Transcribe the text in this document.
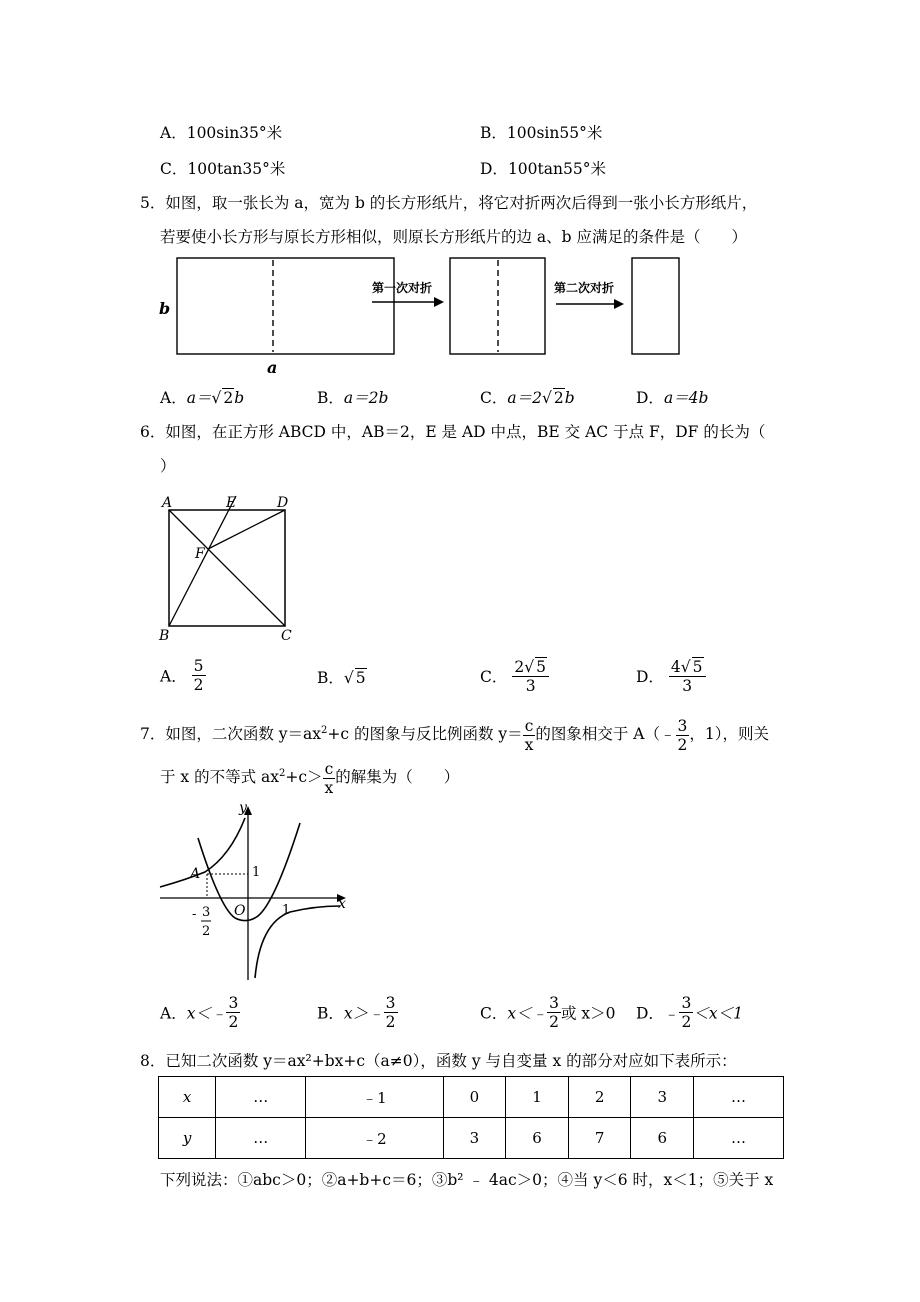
A．100sin35°米	B．100sin55°米
C．100tan35°米	D．100tan55°米
5．如图，取一张长为 a，宽为 b 的长方形纸片，将它对折两次后得到一张小长方形纸片，
若要使小长方形与原长方形相似，则原长方形纸片的边 a、b 应满足的条件是（　　）
b
a
第一次对折	第二次对折
A．a＝√ 2b	B．a＝2b	C．a＝2√ 2b	D．a＝4b
6．如图，在正方形 ABCD 中，AB＝2，E 是 AD 中点，BE 交 AC 于点 F，DF 的长为（
）
A	E	D
F
B	C
A． $\frac{5}{2}$	B．√ 5	C． $\frac{2√ 5}{3}$	D． $\frac{4√ 5}{3}$
7．如图，二次函数 $y=ax^2+c$ 的图象与反比例函数 $y= \frac{c}{x}$ 的图象相交于 A（﹣ $\frac{3}{2}$ ，1），则关
于 x 的不等式 $ax^2+c> \frac{c}{x}$ 的解集为（　　）
y
x
A	1
O	1
- 3
2
A．x＜﹣ $\frac{3}{2}$	B．x＞﹣ $\frac{3}{2}$	C．x＜﹣ $\frac{3}{2}$ 或 x＞0 D．﹣ $\frac{3}{2} <x<1$
8．已知二次函数 y＝ax²+bx+c（a≠0），函数 y 与自变量 x 的部分对应如下表所示：
x	…	﹣1	0	1	2	3	…
y	…	﹣2	3	6	7	6	…
下列说法：①abc＞0；②a+b+c＝6；③b² ﹣ 4ac＞0；④当 y＜6 时，x＜1；⑤关于 x
